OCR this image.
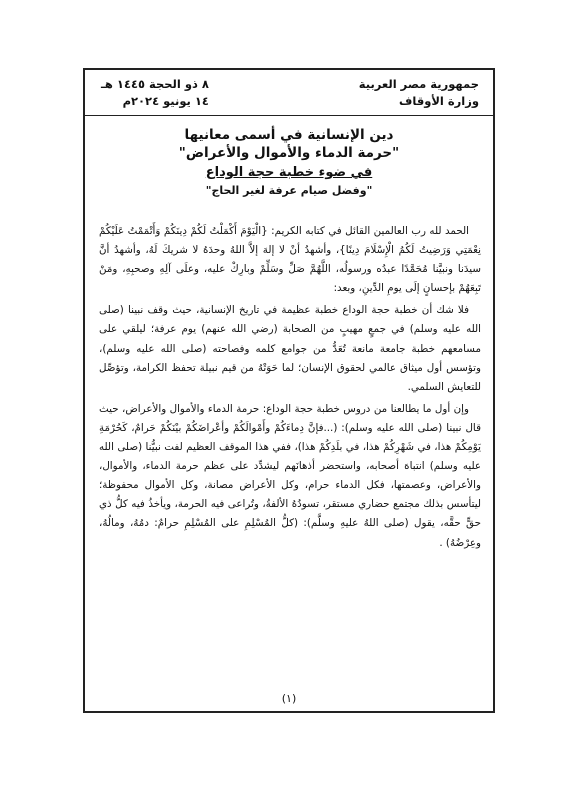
جمهورية مصر العربية
وزارة الأوقاف
٨ ذو الحجة ١٤٤٥ هـ
١٤ يونيو ٢٠٢٤م
دين الإنسانية في أسمى معانيها
"حرمة الدماء والأموال والأعراض"
في ضوء خطبة حجة الوداع
"وفضل صيام عرفة لغير الحاج"

الحمد لله رب العالمين القائل في كتابه الكريم: {الْيَوْمَ أَكْمَلْتُ لَكُمْ دِينَكُمْ وَأَتْمَمْتُ عَلَيْكُمْ نِعْمَتِي وَرَضِيتُ لَكُمُ الْإِسْلَامَ دِينًا}، وأشهدُ أنْ لا إلهَ إلاَّ اللهُ وحدَهُ لا شريكَ لَهُ، وأشهدُ أنَّ سيدَنا ونبيَّنا مُحَمَّدًا عبدُه ورسولُه، اللَّهُمَّ صَلِّ وسَلِّمْ وبارِكْ عليه، وعلَى آلِهِ وصحبِهِ، ومَنْ تَبِعَهُمْ بإحسانٍ إلَى يومِ الدِّينِ، وبعد:

فلا شك أن خطبة حجة الوداع خطبة عظيمة في تاريخ الإنسانية، حيث وقف نبينا (صلى الله عليه وسلم) في جمعٍ مهيبٍ من الصحابة (رضي الله عنهم) يوم عرفة؛ ليلقي على مسامعهم خطبة جامعة مانعة تُعَدُّ من جوامع كلمه وفصاحته (صلى الله عليه وسلم)، وتؤسس أول ميثاق عالمي لحقوق الإنسان؛ لما حَوَتْهُ من قيم نبيلة تحفظ الكرامة، وتؤصِّل للتعايش السلمي.

وإن أول ما يطالعنا من دروس خطبة حجة الوداع: حرمة الدماء والأموال والأعراض، حيث قال نبينا (صلى الله عليه وسلم): (...فإنَّ دِماءَكُمْ وأَمْوالَكُمْ وأعْراضَكُمْ بيْنَكُمْ حَرامٌ، كَحُرْمَةِ يَوْمِكُمْ هذا، في شَهْرِكُمْ هذا، في بلَدِكُمْ هذا)، ففي هذا الموقف العظيم لفت نبيُّنا (صلى الله عليه وسلم) انتباهَ أصحابه، واستحضر أذهانَهم ليشدِّد على عظم حرمة الدماء، والأموال، والأعراض، وعصمتها، فكل الدماء حرام، وكل الأعراض مصانة، وكل الأموال محفوظة؛ ليتأسس بذلك مجتمع حضاري مستقر، تسودُهُ الألفةُ، وتُراعى فيه الحرمة، ويأخذُ فيه كلُّ ذي حقٍّ حقَّه، يقول (صلى اللهُ عليهِ وسلَّم): (كلُّ المُسْلِمِ على المُسْلِمِ حرامٌ: دمُهُ، ومالُهُ، وعِرْضُهُ) .

(١)
